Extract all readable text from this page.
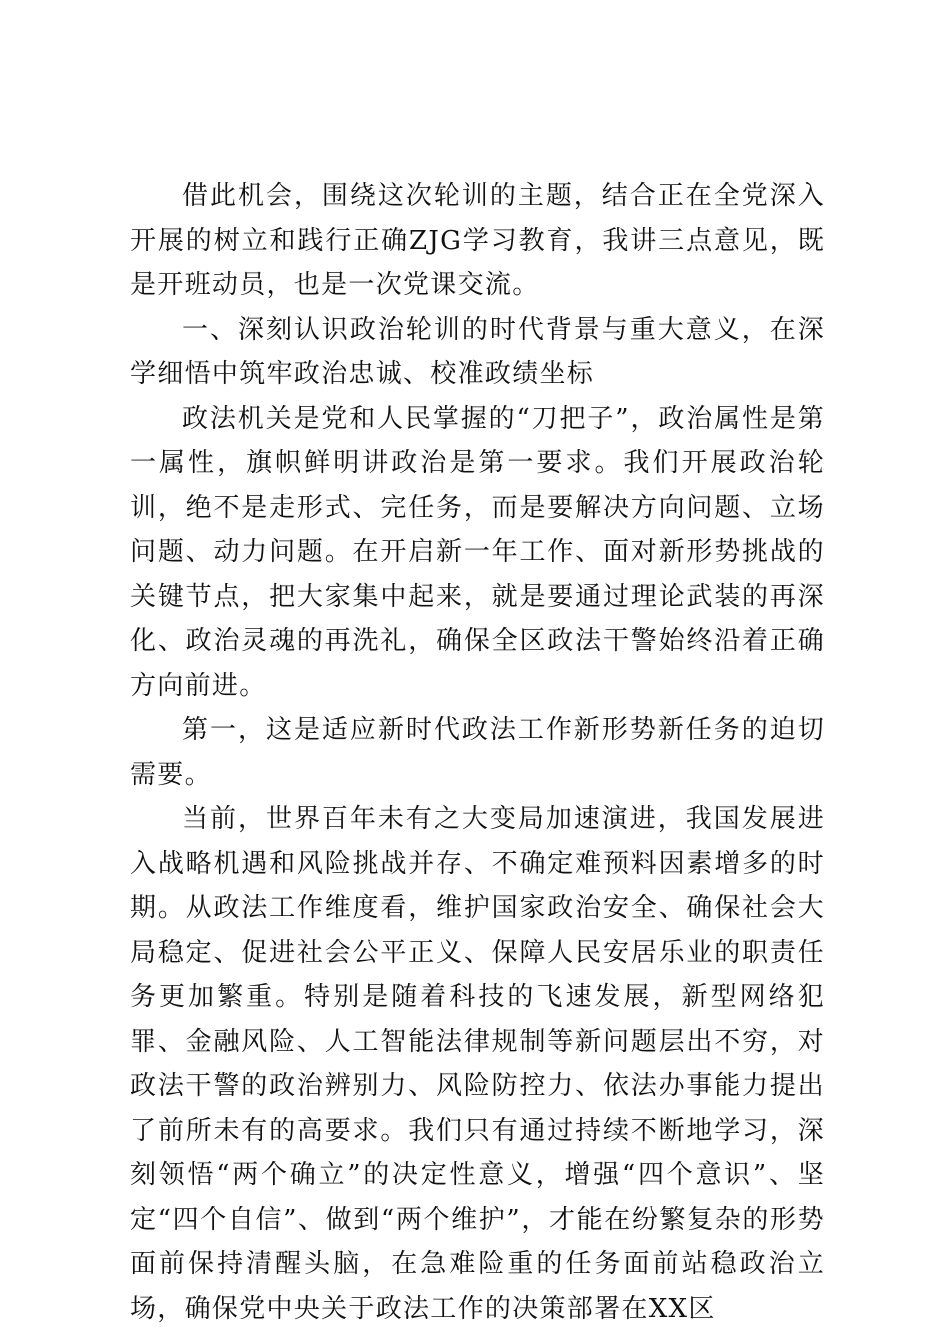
借此机会，围绕这次轮训的主题，结合正在全党深入开展的树立和践行正确ZJG学习教育，我讲三点意见，既是开班动员，也是一次党课交流。

一、深刻认识政治轮训的时代背景与重大意义，在深学细悟中筑牢政治忠诚、校准政绩坐标

政法机关是党和人民掌握的“刀把子”，政治属性是第一属性，旗帜鲜明讲政治是第一要求。我们开展政治轮训，绝不是走形式、完任务，而是要解决方向问题、立场问题、动力问题。在开启新一年工作、面对新形势挑战的关键节点，把大家集中起来，就是要通过理论武装的再深化、政治灵魂的再洗礼，确保全区政法干警始终沿着正确方向前进。

第一，这是适应新时代政法工作新形势新任务的迫切需要。

当前，世界百年未有之大变局加速演进，我国发展进入战略机遇和风险挑战并存、不确定难预料因素增多的时期。从政法工作维度看，维护国家政治安全、确保社会大局稳定、促进社会公平正义、保障人民安居乐业的职责任务更加繁重。特别是随着科技的飞速发展，新型网络犯罪、金融风险、人工智能法律规制等新问题层出不穷，对政法干警的政治辨别力、风险防控力、依法办事能力提出了前所未有的高要求。我们只有通过持续不断地学习，深刻领悟“两个确立”的决定性意义，增强“四个意识”、坚定“四个自信”、做到“两个维护”，才能在纷繁复杂的形势面前保持清醒头脑，在急难险重的任务面前站稳政治立场，确保党中央关于政法工作的决策部署在XX区
